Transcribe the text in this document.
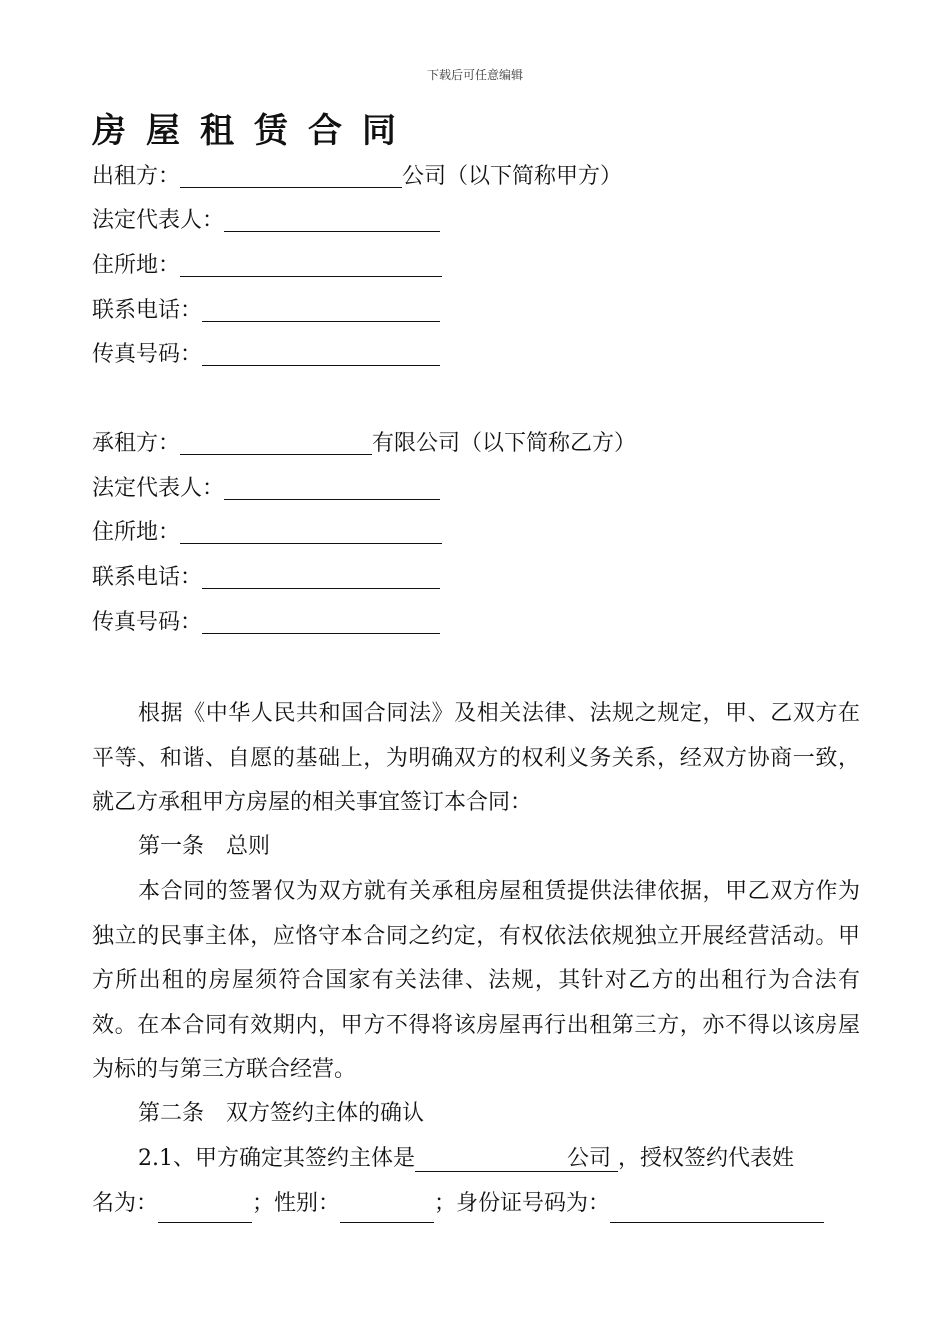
下载后可任意编辑
房屋租赁合同
出租方：	公司（以下简称甲方）
法定代表人：
住所地：
联系电话：
传真号码：
承租方：	有限公司（以下简称乙方）
法定代表人：
住所地：
联系电话：
传真号码：
根据《中华人民共和国合同法》及相关法律、法规之规定，甲、乙双方在平等、和谐、自愿的基础上，为明确双方的权利义务关系，经双方协商一致，就乙方承租甲方房屋的相关事宜签订本合同：
第一条　总则
本合同的签署仅为双方就有关承租房屋租赁提供法律依据，甲乙双方作为独立的民事主体，应恪守本合同之约定，有权依法依规独立开展经营活动。甲方所出租的房屋须符合国家有关法律、法规，其针对乙方的出租行为合法有效。在本合同有效期内，甲方不得将该房屋再行出租第三方，亦不得以该房屋为标的与第三方联合经营。
第二条　双方签约主体的确认
2.1、甲方确定其签约主体是	公司 ，授权签约代表姓
名为：	；性别：	；身份证号码为：
